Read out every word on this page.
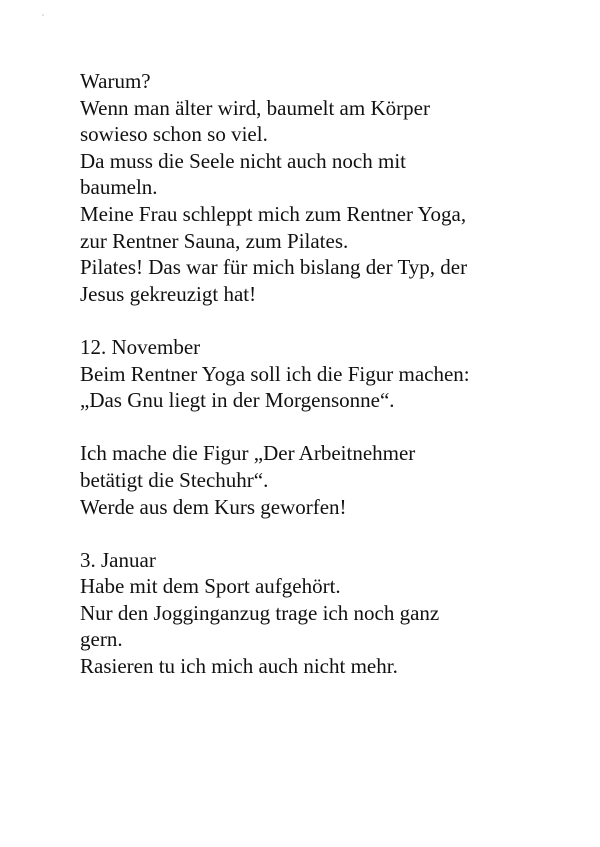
Warum?
Wenn man älter wird, baumelt am Körper
sowieso schon so viel.
Da muss die Seele nicht auch noch mit
baumeln.
Meine Frau schleppt mich zum Rentner Yoga,
zur Rentner Sauna, zum Pilates.
Pilates! Das war für mich bislang der Typ, der
Jesus gekreuzigt hat!
12. November
Beim Rentner Yoga soll ich die Figur machen:
„Das Gnu liegt in der Morgensonne“.
Ich mache die Figur „Der Arbeitnehmer
betätigt die Stechuhr“.
Werde aus dem Kurs geworfen!
3. Januar
Habe mit dem Sport aufgehört.
Nur den Jogginganzug trage ich noch ganz
gern.
Rasieren tu ich mich auch nicht mehr.
